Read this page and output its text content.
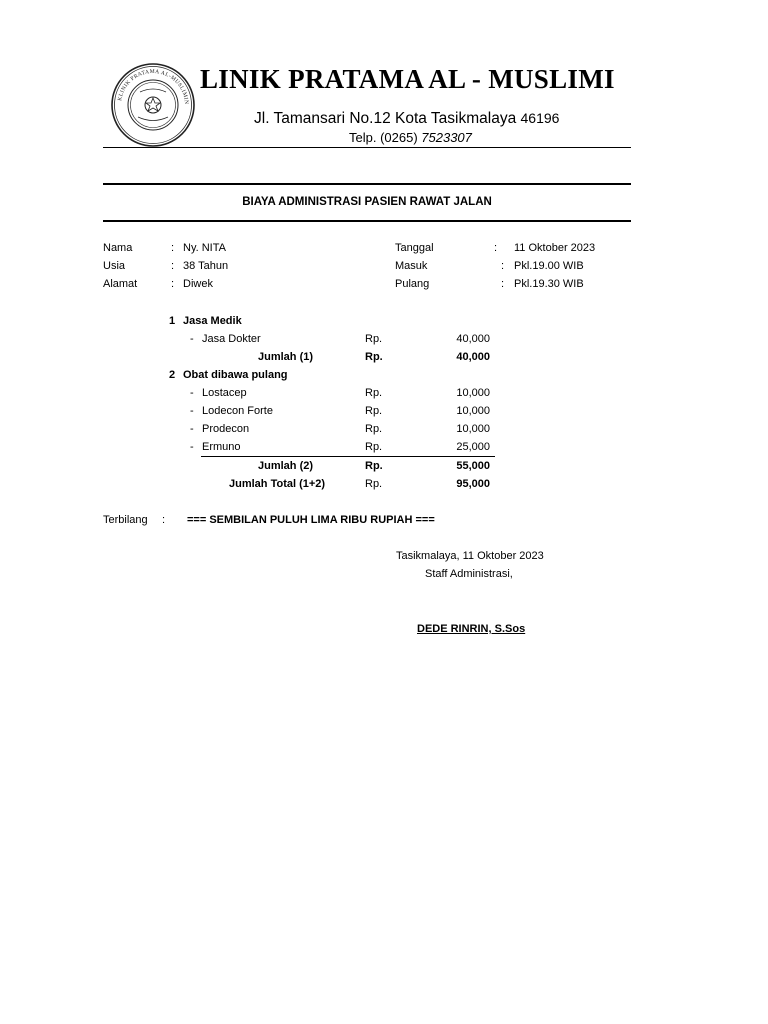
KLINIK PRATAMA AL-MUSLIMIN
LINIK PRATAMA AL - MUSLIMI
Jl. Tamansari No.12 Kota Tasikmalaya 46196
Telp. (0265) 7523307
BIAYA ADMINISTRASI PASIEN RAWAT JALAN
Nama	: Ny. NITA
Usia	: 38 Tahun
Alamat	: Diwek
Tanggal	: 11 Oktober 2023
Masuk	: Pkl.19.00 WIB
Pulang	: Pkl.19.30 WIB
1 Jasa Medik
- Jasa Dokter	Rp.	40,000
Jumlah (1)	Rp.	40,000
2 Obat dibawa pulang
- Lostacep	Rp.	10,000
- Lodecon Forte	Rp.	10,000
- Prodecon	Rp.	10,000
- Ermuno	Rp.	25,000
Jumlah (2)	Rp.	55,000
Jumlah Total (1+2)	Rp.	95,000
Terbilang : === SEMBILAN PULUH LIMA RIBU RUPIAH ===
Tasikmalaya, 11 Oktober 2023
Staff Administrasi,
DEDE RINRIN, S.Sos
